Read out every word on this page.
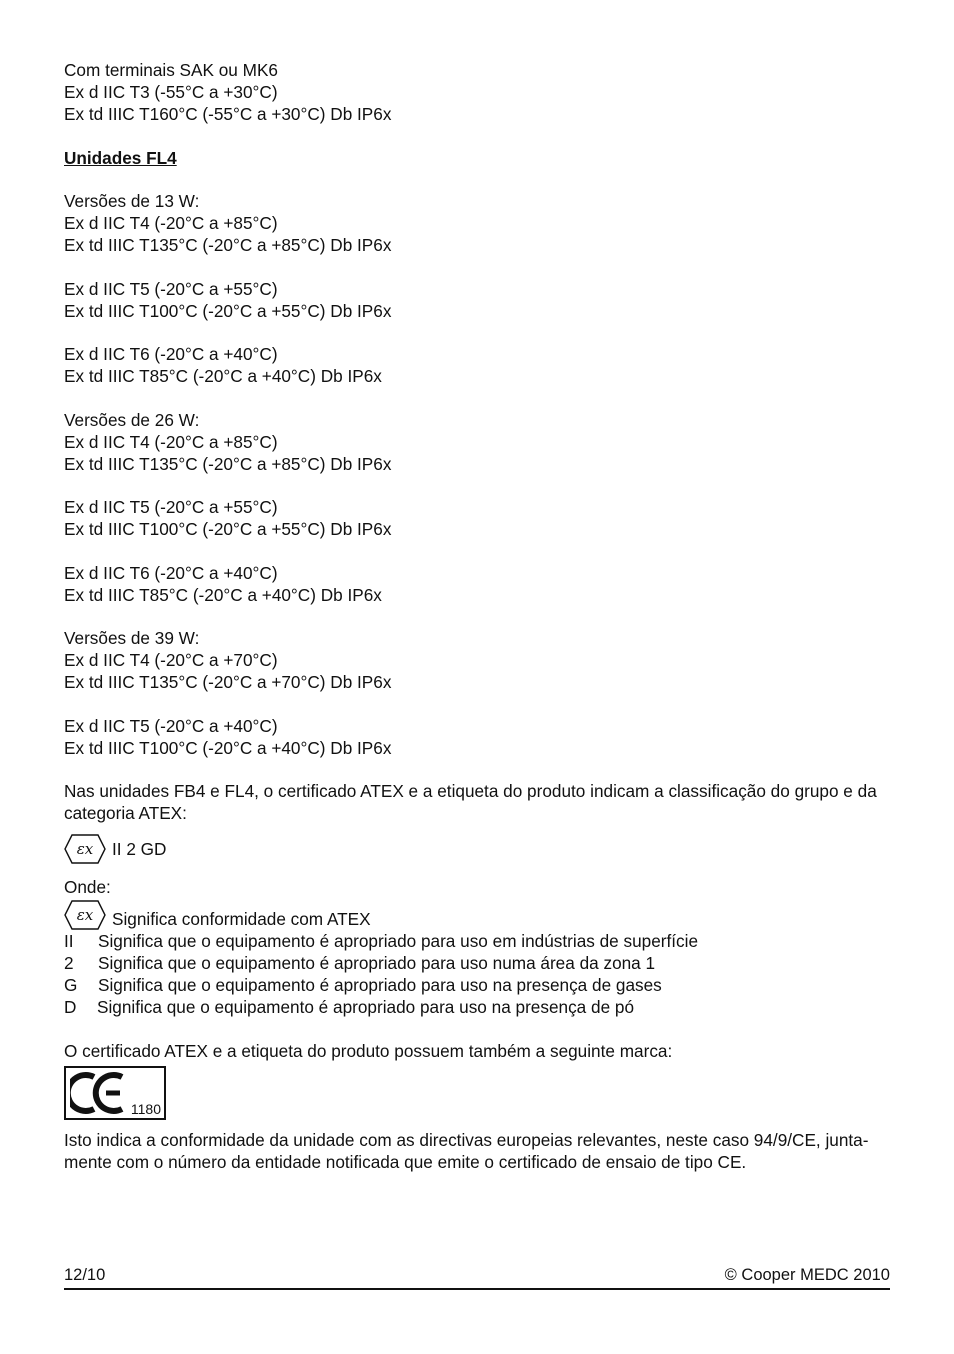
Com terminais SAK ou MK6
Ex d IIC T3 (-55°C a +30°C)
Ex td IIIC T160°C (-55°C a +30°C) Db IP6x
Unidades FL4
Versões de 13 W:
Ex d IIC T4 (-20°C a +85°C)
Ex td IIIC T135°C (-20°C a +85°C) Db IP6x
Ex d IIC T5 (-20°C a +55°C)
Ex td IIIC T100°C (-20°C a +55°C) Db IP6x
Ex d IIC T6 (-20°C a +40°C)
Ex td IIIC T85°C (-20°C a +40°C) Db IP6x
Versões de 26 W:
Ex d IIC T4 (-20°C a +85°C)
Ex td IIIC T135°C (-20°C a +85°C) Db IP6x
Ex d IIC T5 (-20°C a +55°C)
Ex td IIIC T100°C (-20°C a +55°C) Db IP6x
Ex d IIC T6 (-20°C a +40°C)
Ex td IIIC T85°C (-20°C a +40°C) Db IP6x
Versões de 39 W:
Ex d IIC T4 (-20°C a +70°C)
Ex td IIIC T135°C (-20°C a +70°C) Db IP6x
Ex d IIC T5 (-20°C a +40°C)
Ex td IIIC T100°C (-20°C a +40°C) Db IP6x
Nas unidades FB4 e FL4, o certificado ATEX e a etiqueta do produto indicam a classificação do grupo e da categoria ATEX:
εx II 2 GD
Onde:
εx Significa conformidade com ATEX
II	Significa que o equipamento é apropriado para uso em indústrias de superfície
2	Significa que o equipamento é apropriado para uso numa área da zona 1
G	Significa que o equipamento é apropriado para uso na presença de gases
D	Significa que o equipamento é apropriado para uso na presença de pó
O certificado ATEX e a etiqueta do produto possuem também a seguinte marca:
1180
Isto indica a conformidade da unidade com as directivas europeias relevantes, neste caso 94/9/CE, junta-mente com o número da entidade notificada que emite o certificado de ensaio de tipo CE.
12/10	© Cooper MEDC 2010
